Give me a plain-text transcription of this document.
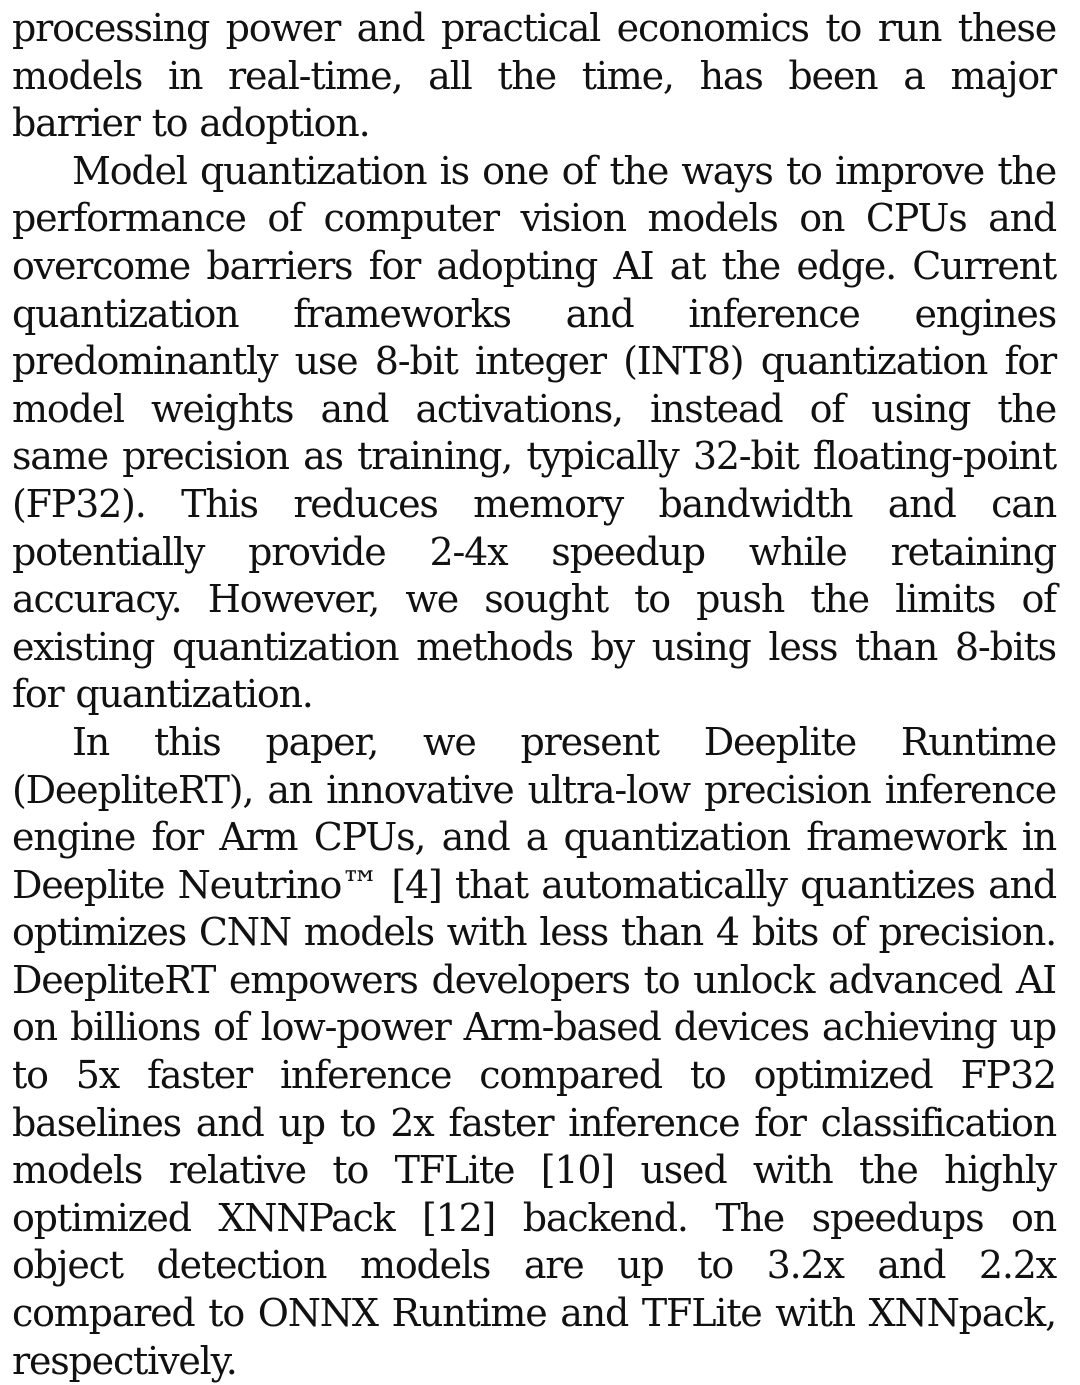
processing power and practical economics to run these models in real-time, all the time, has been a major barrier to adoption.

Model quantization is one of the ways to improve the performance of computer vision models on CPUs and overcome barriers for adopting AI at the edge. Current quantization frameworks and inference engines predominantly use 8-bit integer (INT8) quantization for model weights and activations, instead of using the same precision as training, typically 32-bit floating-point (FP32). This reduces memory bandwidth and can potentially provide 2-4x speedup while retaining accuracy. However, we sought to push the limits of existing quantization methods by using less than 8-bits for quantization.

In this paper, we present Deeplite Runtime (DeepliteRT), an innovative ultra-low precision inference engine for Arm CPUs, and a quantization framework in Deeplite Neutrino™ [4] that automatically quantizes and optimizes CNN models with less than 4 bits of precision. DeepliteRT empowers developers to unlock advanced AI on billions of low-power Arm-based devices achieving up to 5x faster inference compared to optimized FP32 baselines and up to 2x faster inference for classification models relative to TFLite [10] used with the highly optimized XNNPack [12] backend. The speedups on object detection models are up to 3.2x and 2.2x compared to ONNX Runtime and TFLite with XNNpack, respectively.
